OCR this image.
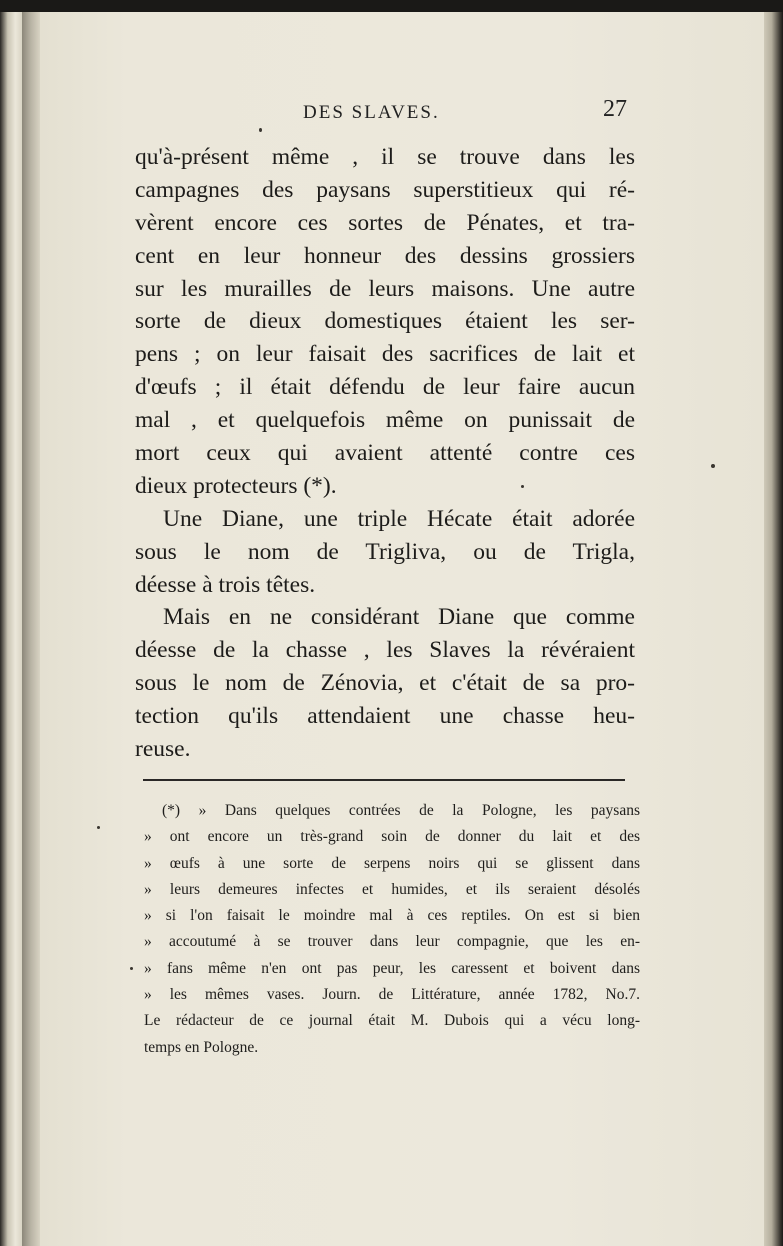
DES SLAVES.	27
qu'à-présent même , il se trouve dans les
campagnes des paysans superstitieux qui ré-
vèrent encore ces sortes de Pénates, et tra-
cent en leur honneur des dessins grossiers
sur les murailles de leurs maisons. Une autre
sorte de dieux domestiques étaient les ser-
pens ; on leur faisait des sacrifices de lait et
d'œufs ; il était défendu de leur faire aucun
mal , et quelquefois même on punissait de
mort ceux qui avaient attenté contre ces
dieux protecteurs (*).
Une Diane, une triple Hécate était adorée
sous le nom de Trigliva, ou de Trigla,
déesse à trois têtes.
Mais en ne considérant Diane que comme
déesse de la chasse , les Slaves la révéraient
sous le nom de Zénovia, et c'était de sa pro-
tection qu'ils attendaient une chasse heu-
reuse.
(*) » Dans quelques contrées de la Pologne, les paysans
» ont encore un très-grand soin de donner du lait et des
» œufs à une sorte de serpens noirs qui se glissent dans
» leurs demeures infectes et humides, et ils seraient désolés
» si l'on faisait le moindre mal à ces reptiles. On est si bien
» accoutumé à se trouver dans leur compagnie, que les en-
» fans même n'en ont pas peur, les caressent et boivent dans
» les mêmes vases. Journ. de Littérature, année 1782, No.7.
Le rédacteur de ce journal était M. Dubois qui a vécu long-
temps en Pologne.
